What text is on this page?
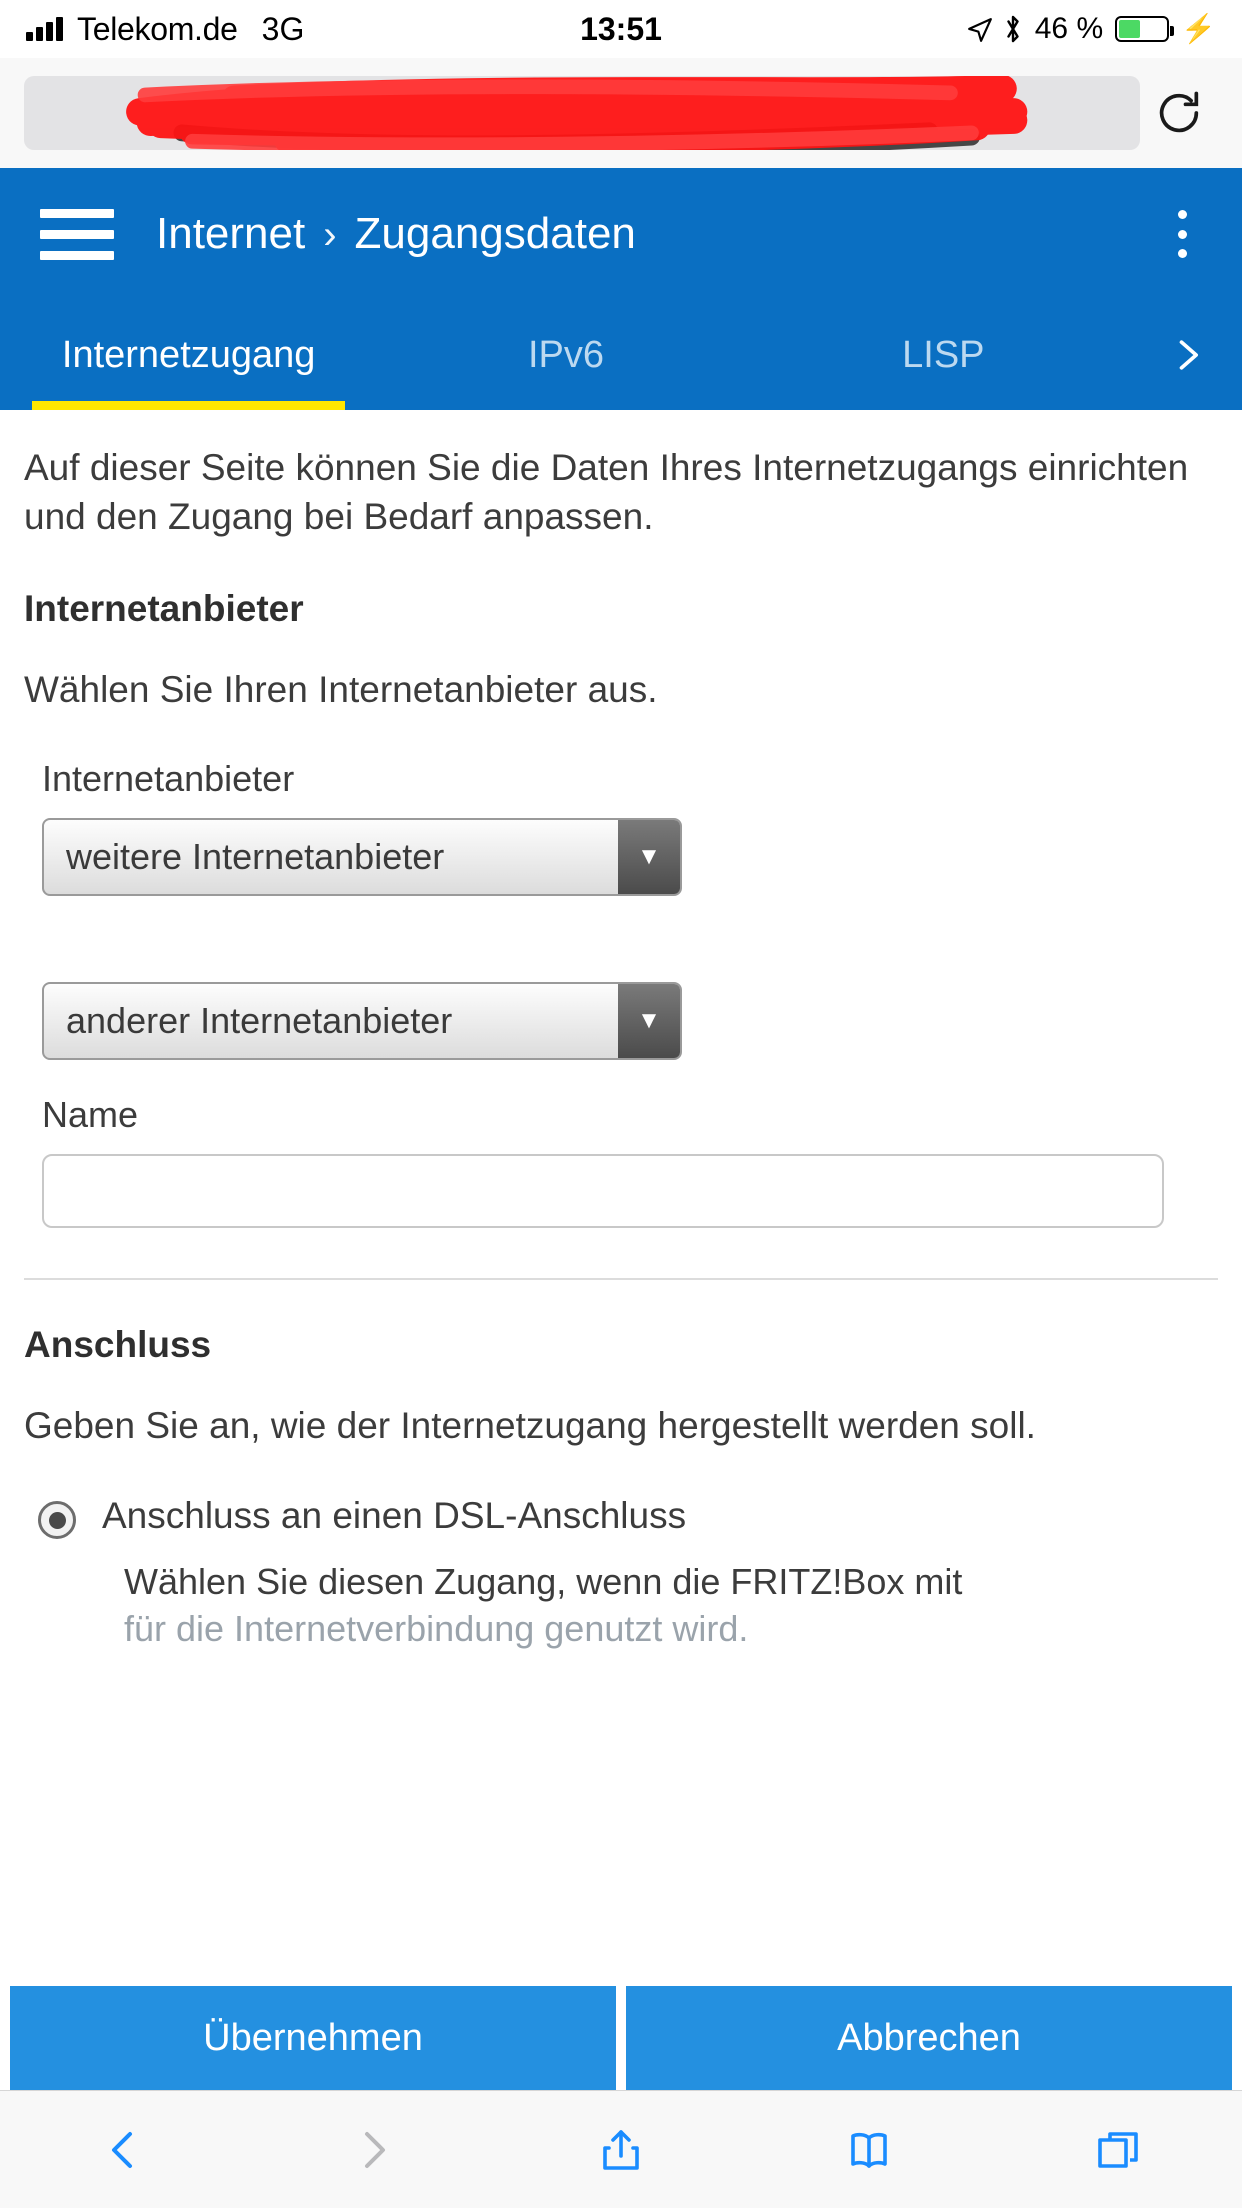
Telekom.de 3G	13:51	46 %	⚡
Internet › Zugangsdaten
Internetzugang	IPv6	LISP

Auf dieser Seite können Sie die Daten Ihres Internetzugangs einrichten und den Zugang bei Bedarf anpassen.

Internetanbieter

Wählen Sie Ihren Internetanbieter aus.

Internetanbieter
weitere Internetanbieter	▼
anderer Internetanbieter	▼
Name
Anschluss

Geben Sie an, wie der Internetzugang hergestellt werden soll.

Anschluss an einen DSL-Anschluss
Wählen Sie diesen Zugang, wenn die FRITZ!Box mit
für die Internetverbindung genutzt wird.
Übernehmen	Abbrechen
